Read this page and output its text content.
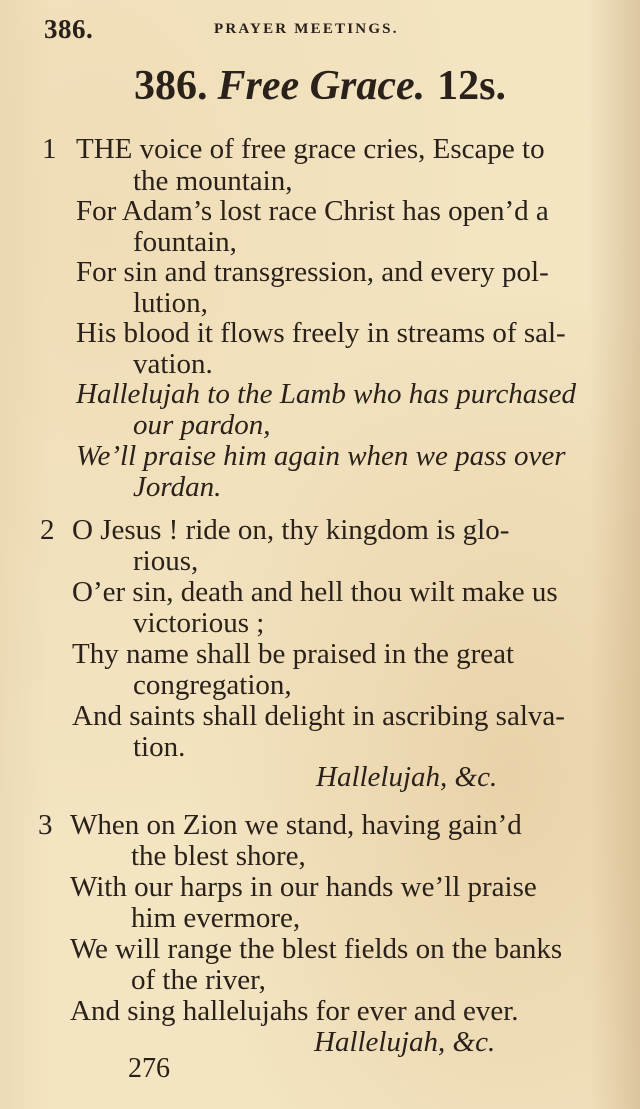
386.	PRAYER MEETINGS.
386. Free Grace. 12s.
1 THE voice of free grace cries, Escape to
the mountain,
For Adam’s lost race Christ has open’d a
fountain,
For sin and transgression, and every pol-
lution,
His blood it flows freely in streams of sal-
vation.
Hallelujah to the Lamb who has purchased
our pardon,
We’ll praise him again when we pass over
Jordan.
2 O Jesus ! ride on, thy kingdom is glo-
rious,
O’er sin, death and hell thou wilt make us
victorious ;
Thy name shall be praised in the great
congregation,
And saints shall delight in ascribing salva-
tion.
Hallelujah, &c.
3 When on Zion we stand, having gain’d
the blest shore,
With our harps in our hands we’ll praise
him evermore,
We will range the blest fields on the banks
of the river,
And sing hallelujahs for ever and ever.
Hallelujah, &c.
276
